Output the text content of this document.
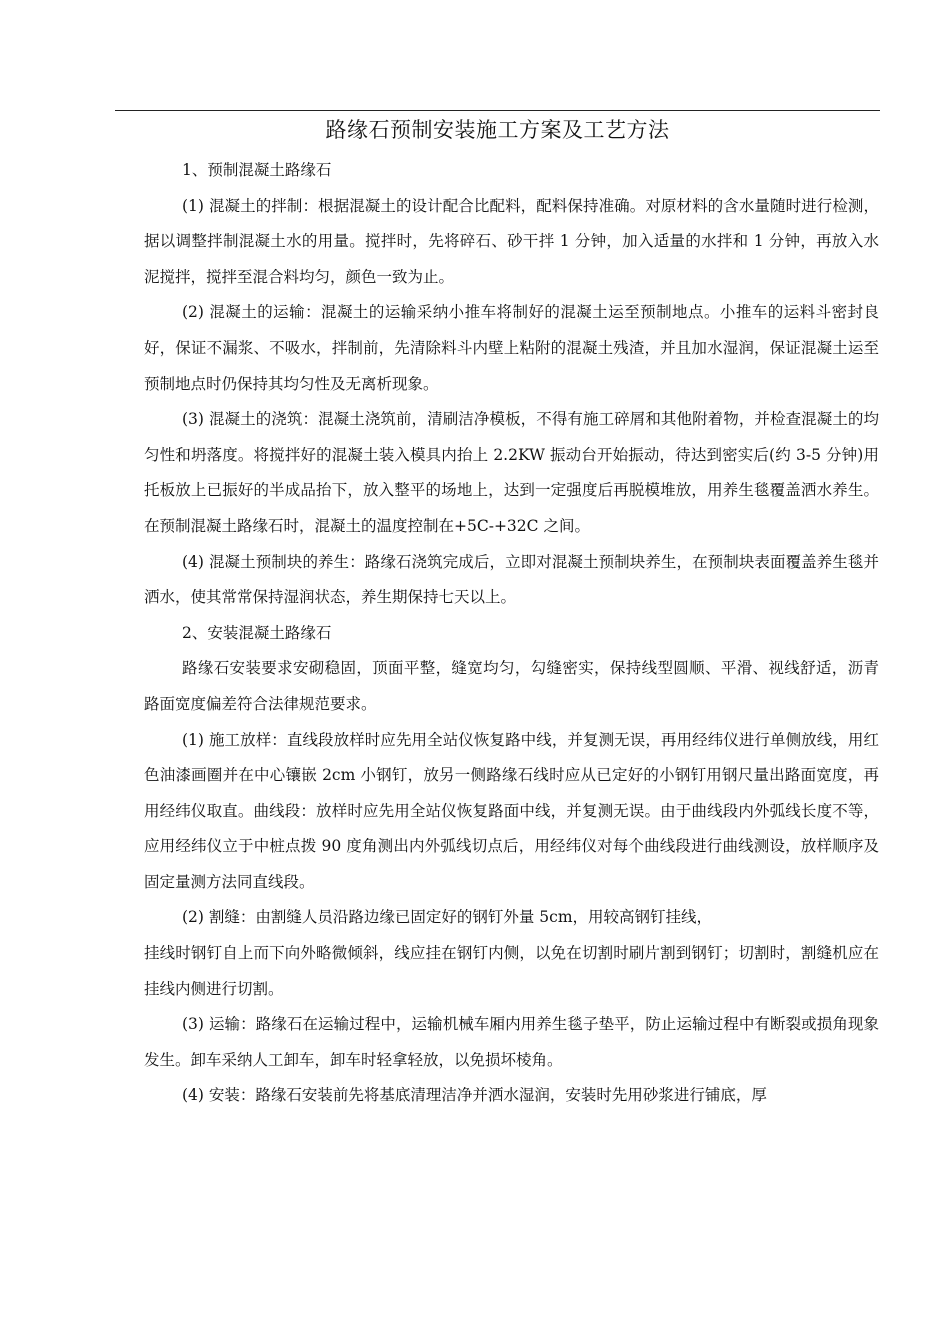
路缘石预制安装施工方案及工艺方法

1、预制混凝土路缘石

(1) 混凝土的拌制：根据混凝土的设计配合比配料，配料保持准确。对原材料的含水量随时进行检测，据以调整拌制混凝土水的用量。搅拌时，先将碎石、砂干拌 1 分钟，加入适量的水拌和 1 分钟，再放入水泥搅拌，搅拌至混合料均匀，颜色一致为止。

(2) 混凝土的运输：混凝土的运输采纳小推车将制好的混凝土运至预制地点。小推车的运料斗密封良好，保证不漏浆、不吸水，拌制前，先清除料斗内壁上粘附的混凝土残渣，并且加水湿润，保证混凝土运至预制地点时仍保持其均匀性及无离析现象。

(3) 混凝土的浇筑：混凝土浇筑前，清刷洁净模板，不得有施工碎屑和其他附着物，并检查混凝土的均匀性和坍落度。将搅拌好的混凝土装入模具内抬上 2.2KW 振动台开始振动，待达到密实后(约 3-5 分钟)用托板放上已振好的半成品抬下，放入整平的场地上，达到一定强度后再脱模堆放，用养生毯覆盖洒水养生。在预制混凝土路缘石时，混凝土的温度控制在+5C-+32C 之间。

(4) 混凝土预制块的养生：路缘石浇筑完成后，立即对混凝土预制块养生，在预制块表面覆盖养生毯并洒水，使其常常保持湿润状态，养生期保持七天以上。

2、安装混凝土路缘石

路缘石安装要求安砌稳固，顶面平整，缝宽均匀，勾缝密实，保持线型圆顺、平滑、视线舒适，沥青路面宽度偏差符合法律规范要求。

(1) 施工放样：直线段放样时应先用全站仪恢复路中线，并复测无误，再用经纬仪进行单侧放线，用红色油漆画圈并在中心镶嵌 2cm 小钢钉，放另一侧路缘石线时应从已定好的小钢钉用钢尺量出路面宽度，再用经纬仪取直。曲线段：放样时应先用全站仪恢复路面中线，并复测无误。由于曲线段内外弧线长度不等，应用经纬仪立于中桩点拨 90 度角测出内外弧线切点后，用经纬仪对每个曲线段进行曲线测设，放样顺序及固定量测方法同直线段。

(2) 割缝：由割缝人员沿路边缘已固定好的钢钉外量 5cm，用较高钢钉挂线，

挂线时钢钉自上而下向外略微倾斜，线应挂在钢钉内侧，以免在切割时刷片割到钢钉；切割时，割缝机应在挂线内侧进行切割。

(3) 运输：路缘石在运输过程中，运输机械车厢内用养生毯子垫平，防止运输过程中有断裂或损角现象发生。卸车采纳人工卸车，卸车时轻拿轻放，以免损坏棱角。

(4) 安装：路缘石安装前先将基底清理洁净并洒水湿润，安装时先用砂浆进行铺底，厚
